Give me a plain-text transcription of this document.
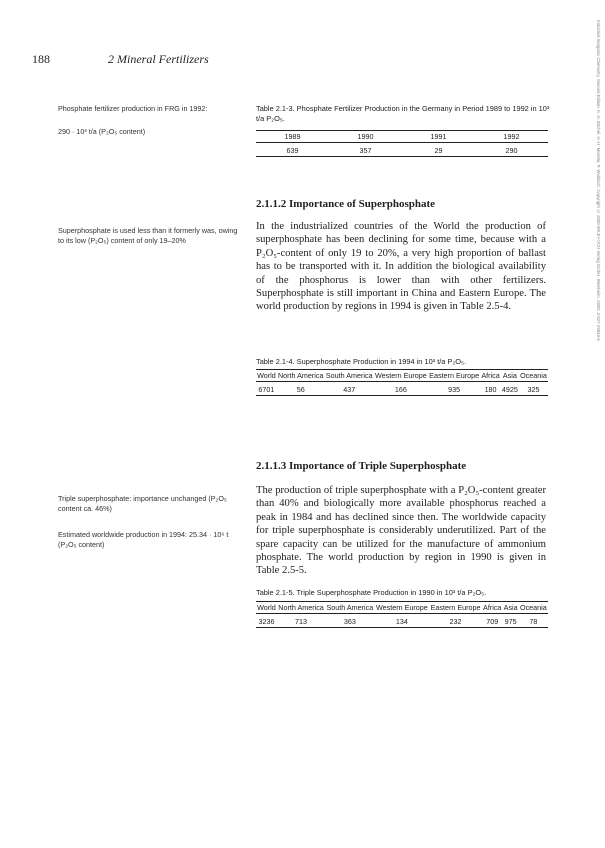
188	2 Mineral Fertilizers
Phosphate fertilizer production in FRG in 1992:
290 · 10³ t/a (P₂O₅ content)
Superphosphate is used less than it formerly was, owing to its low (P₂O₅) content of only 19–20%
Triple superphosphate: importance unchanged (P₂O₅ content ca. 46%)
Estimated worldwide production in 1994: 25.34 · 10⁶ t (P₂O₅ content)
Table 2.1-3. Phosphate Fertilizer Production in the Germany in Period 1989 to 1992 in 10³ t/a P₂O₅.
1989	1990	1991	1992
639	357	29	290
2.1.1.2 Importance of Superphosphate
In the industrialized countries of the World the production of superphosphate has been declining for some time, because with a P₂O₅-content of only 19 to 20%, a very high proportion of ballast has to be transported with it. In addition the biological availability of the phosphorus is lower than with other fertilizers. Superphosphate is still important in China and Eastern Europe. The world production by regions in 1994 is given in Table 2.5-4.
Table 2.1-4. Superphosphate Production in 1994 in 10³ t/a P₂O₅.
World	North America	South America	Western Europe	Eastern Europe	Africa	Asia	Oceania
6701	56	437	166	935	180	4925	325
2.1.1.3 Importance of Triple Superphosphate
The production of triple superphosphate with a P₂O₅-content greater than 40% and biologically more available phosphorus reached a peak in 1984 and has declined since then. The worldwide capacity for triple superphosphate is considerably underutilized. Part of the spare capacity can be utilized for the manufacture of ammonium phosphate. The world production by region in 1990 is given in Table 2.5-5.
Table 2.1-5. Triple Superphosphate Production in 1990 in 10³ t/a P₂O₅.
World	North America	South America	Western Europe	Eastern Europe	Africa	Asia	Oceania
3236	713	363	134	232	709	975	78
Industrial Inorganic Chemistry. Second Edition. K. H. Büchel, H.-H. Moretto, P. Woditsch. Copyright © 2000 WILEY-VCH Verlag GmbH, Weinheim. ISBN: 3-527-29849-5
